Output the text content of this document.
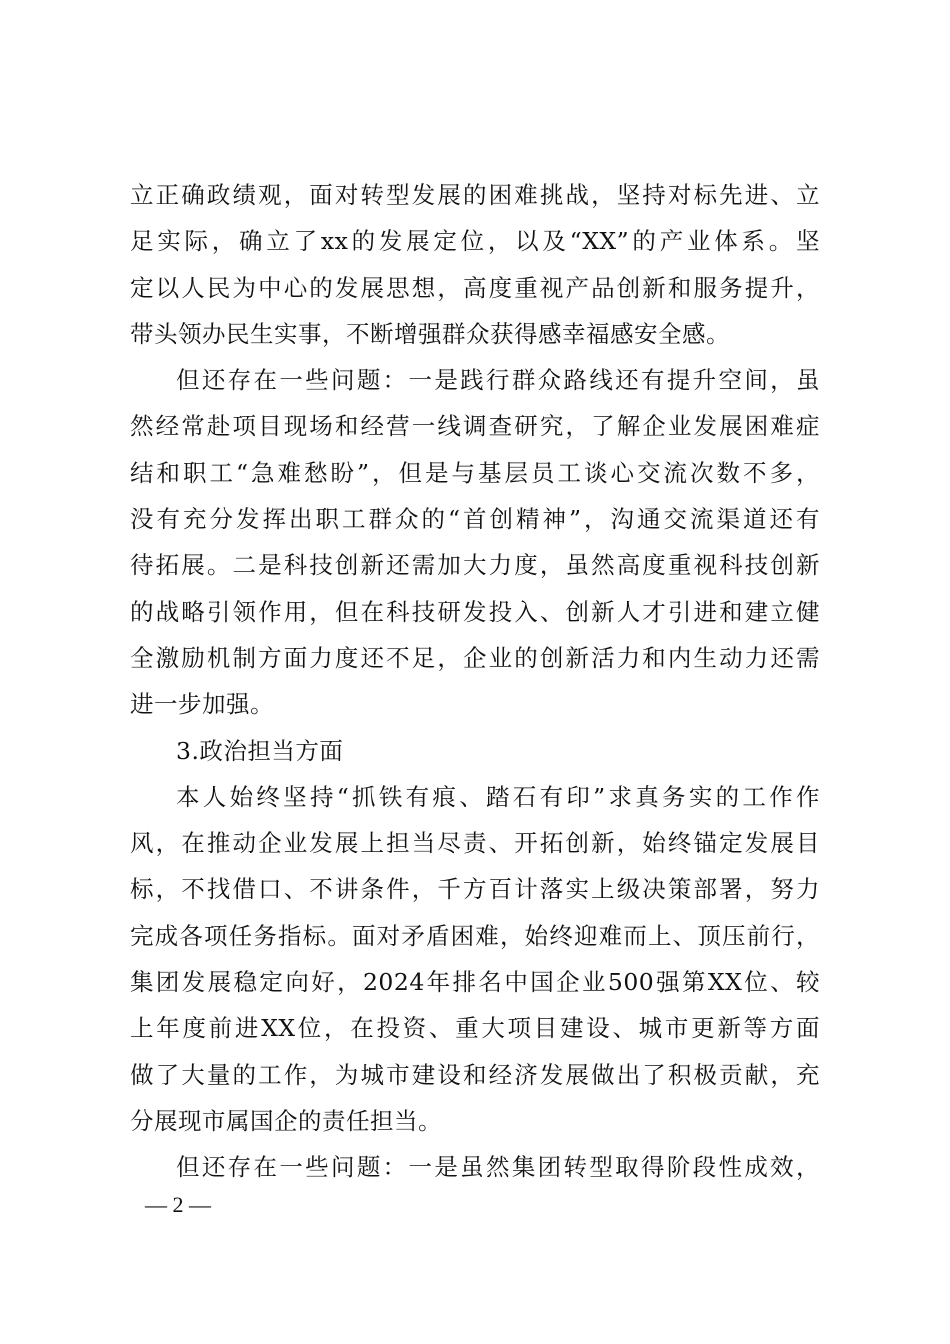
立正确政绩观，面对转型发展的困难挑战，坚持对标先进、立
足实际，确立了xx的发展定位，以及“XX”的产业体系。坚
定以人民为中心的发展思想，高度重视产品创新和服务提升，
带头领办民生实事，不断增强群众获得感幸福感安全感。
但还存在一些问题：一是践行群众路线还有提升空间，虽
然经常赴项目现场和经营一线调查研究，了解企业发展困难症
结和职工“急难愁盼”，但是与基层员工谈心交流次数不多，
没有充分发挥出职工群众的“首创精神”，沟通交流渠道还有
待拓展。二是科技创新还需加大力度，虽然高度重视科技创新
的战略引领作用，但在科技研发投入、创新人才引进和建立健
全激励机制方面力度还不足，企业的创新活力和内生动力还需
进一步加强。
3.政治担当方面
本人始终坚持“抓铁有痕、踏石有印”求真务实的工作作
风，在推动企业发展上担当尽责、开拓创新，始终锚定发展目
标，不找借口、不讲条件，千方百计落实上级决策部署，努力
完成各项任务指标。面对矛盾困难，始终迎难而上、顶压前行，
集团发展稳定向好，2024年排名中国企业500强第XX位、较
上年度前进XX位，在投资、重大项目建设、城市更新等方面
做了大量的工作，为城市建设和经济发展做出了积极贡献，充
分展现市属国企的责任担当。
但还存在一些问题：一是虽然集团转型取得阶段性成效，
— 2 —
